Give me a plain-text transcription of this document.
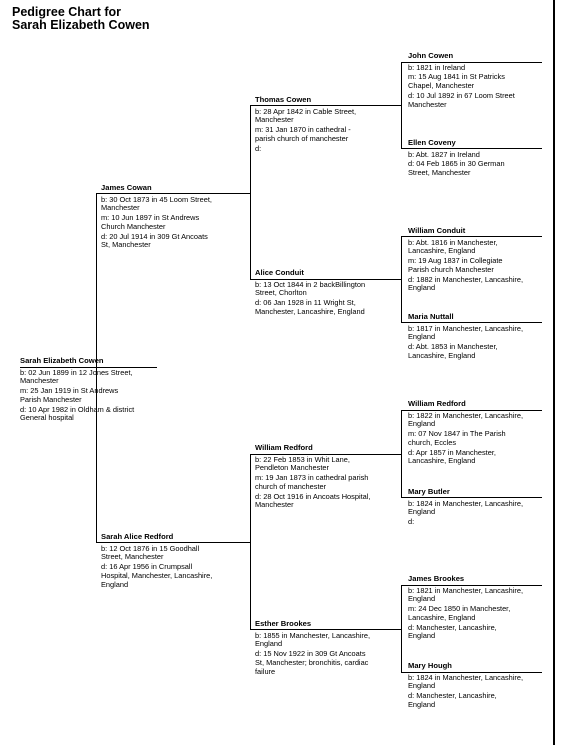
Pedigree Chart for
Sarah Elizabeth Cowen
Sarah Elizabeth Cowen
b: 02 Jun 1899 in 12 Jones Street,
Manchester
m: 25 Jan 1919 in St Andrews
Parish Manchester
d: 10 Apr 1982 in Oldham & district
General hospital
James Cowan
b: 30 Oct 1873 in 45 Loom Street,
Manchester
m: 10 Jun 1897 in St Andrews
Church Manchester
d: 20 Jul 1914 in 309 Gt Ancoats
St, Manchester
Sarah Alice Redford
b: 12 Oct 1876 in 15 Goodhall
Street, Manchester
d: 16 Apr 1956 in Crumpsall
Hospital, Manchester, Lancashire,
England
Thomas Cowen
b: 28 Apr 1842 in Cable Street,
Manchester
m: 31 Jan 1870 in cathedral -
parish church of manchester
d:
Alice Conduit
b: 13 Oct 1844 in 2 backBillington
Street, Chorlton
d: 06 Jan 1928 in 11 Wright St,
Manchester, Lancashire, England
William Redford
b: 22 Feb 1853 in Whit Lane,
Pendleton Manchester
m: 19 Jan 1873 in cathedral parish
church of manchester
d: 28 Oct 1916 in Ancoats Hospital,
Manchester
Esther Brookes
b: 1855 in Manchester, Lancashire,
England
d: 15 Nov 1922 in 309 Gt Ancoats
St, Manchester; bronchitis, cardiac
failure
John Cowen
b: 1821 in Ireland
m: 15 Aug 1841 in St Patricks
Chapel, Manchester
d: 10 Jul 1892 in 67 Loom Street
Manchester
Ellen Coveny
b: Abt. 1827 in Ireland
d: 04 Feb 1865 in 30 German
Street, Manchester
William Conduit
b: Abt. 1816 in Manchester,
Lancashire, England
m: 19 Aug 1837 in Collegiate
Parish church Manchester
d: 1882 in Manchester, Lancashire,
England
Maria Nuttall
b: 1817 in Manchester, Lancashire,
England
d: Abt. 1853 in Manchester,
Lancashire, England
William Redford
b: 1822 in Manchester, Lancashire,
England
m: 07 Nov 1847 in The Parish
church, Eccles
d: Apr 1857 in Manchester,
Lancashire, England
Mary Butler
b: 1824 in Manchester, Lancashire,
England
d:
James Brookes
b: 1821 in Manchester, Lancashire,
England
m: 24 Dec 1850 in Manchester,
Lancashire, England
d: Manchester, Lancashire,
England
Mary Hough
b: 1824 in Manchester, Lancashire,
England
d: Manchester, Lancashire,
England
